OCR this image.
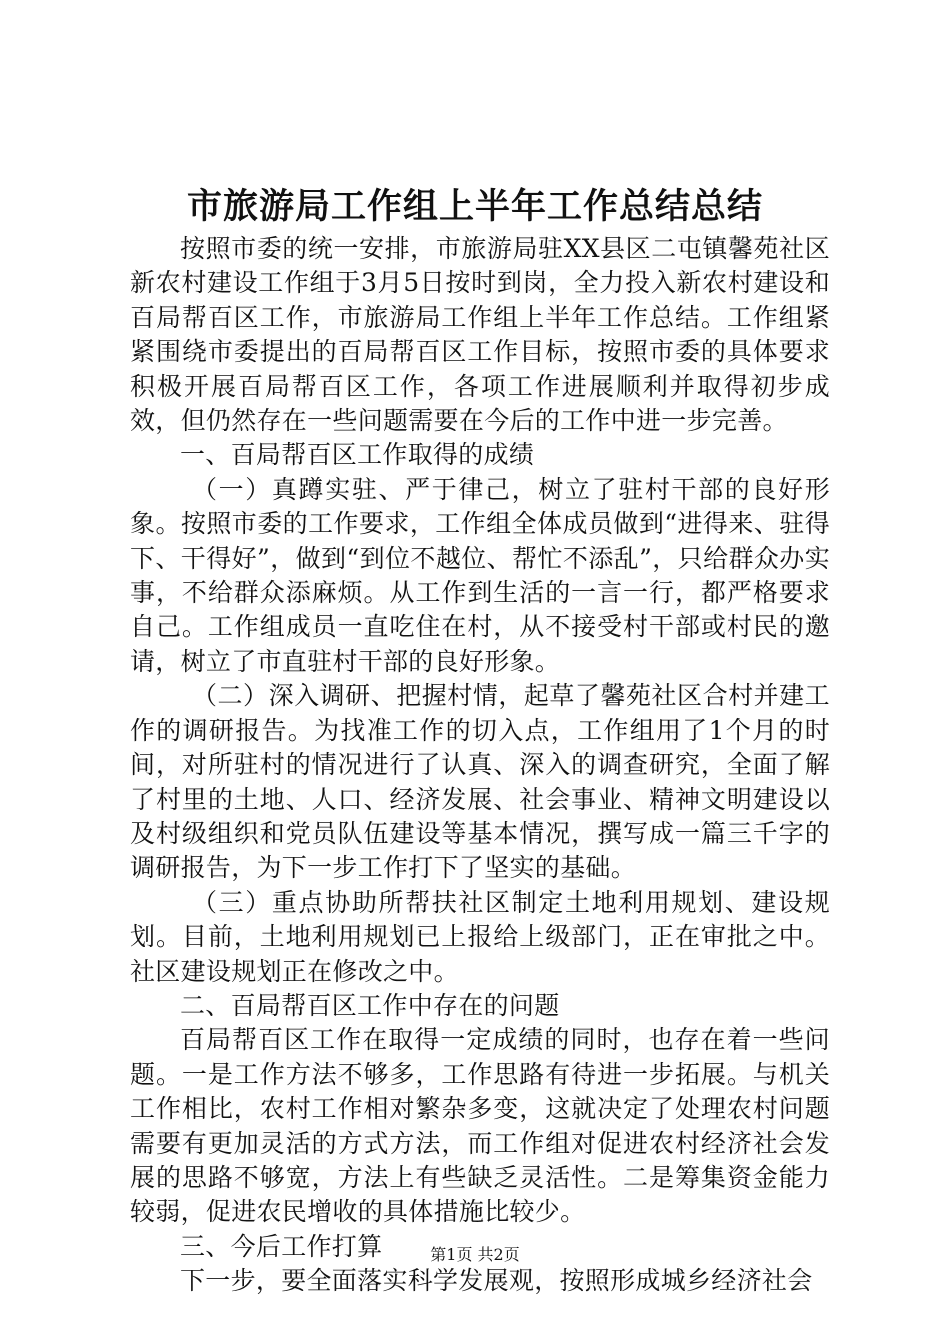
市旅游局工作组上半年工作总结总结

按照市委的统一安排，市旅游局驻XX县区二屯镇馨苑社区新农村建设工作组于3月5日按时到岗，全力投入新农村建设和百局帮百区工作，市旅游局工作组上半年工作总结。工作组紧紧围绕市委提出的百局帮百区工作目标，按照市委的具体要求积极开展百局帮百区工作，各项工作进展顺利并取得初步成效，但仍然存在一些问题需要在今后的工作中进一步完善。

一、百局帮百区工作取得的成绩

（一）真蹲实驻、严于律己，树立了驻村干部的良好形象。按照市委的工作要求，工作组全体成员做到“进得来、驻得下、干得好”，做到“到位不越位、帮忙不添乱”，只给群众办实事，不给群众添麻烦。从工作到生活的一言一行，都严格要求自己。工作组成员一直吃住在村，从不接受村干部或村民的邀请，树立了市直驻村干部的良好形象。

（二）深入调研、把握村情，起草了馨苑社区合村并建工作的调研报告。为找准工作的切入点，工作组用了1个月的时间，对所驻村的情况进行了认真、深入的调查研究，全面了解了村里的土地、人口、经济发展、社会事业、精神文明建设以及村级组织和党员队伍建设等基本情况，撰写成一篇三千字的调研报告，为下一步工作打下了坚实的基础。

（三）重点协助所帮扶社区制定土地利用规划、建设规划。目前，土地利用规划已上报给上级部门，正在审批之中。社区建设规划正在修改之中。

二、百局帮百区工作中存在的问题

百局帮百区工作在取得一定成绩的同时，也存在着一些问题。一是工作方法不够多，工作思路有待进一步拓展。与机关工作相比，农村工作相对繁杂多变，这就决定了处理农村问题需要有更加灵活的方式方法，而工作组对促进农村经济社会发展的思路不够宽，方法上有些缺乏灵活性。二是筹集资金能力较弱，促进农民增收的具体措施比较少。

三、今后工作打算

下一步，要全面落实科学发展观，按照形成城乡经济社会

第1页 共2页
